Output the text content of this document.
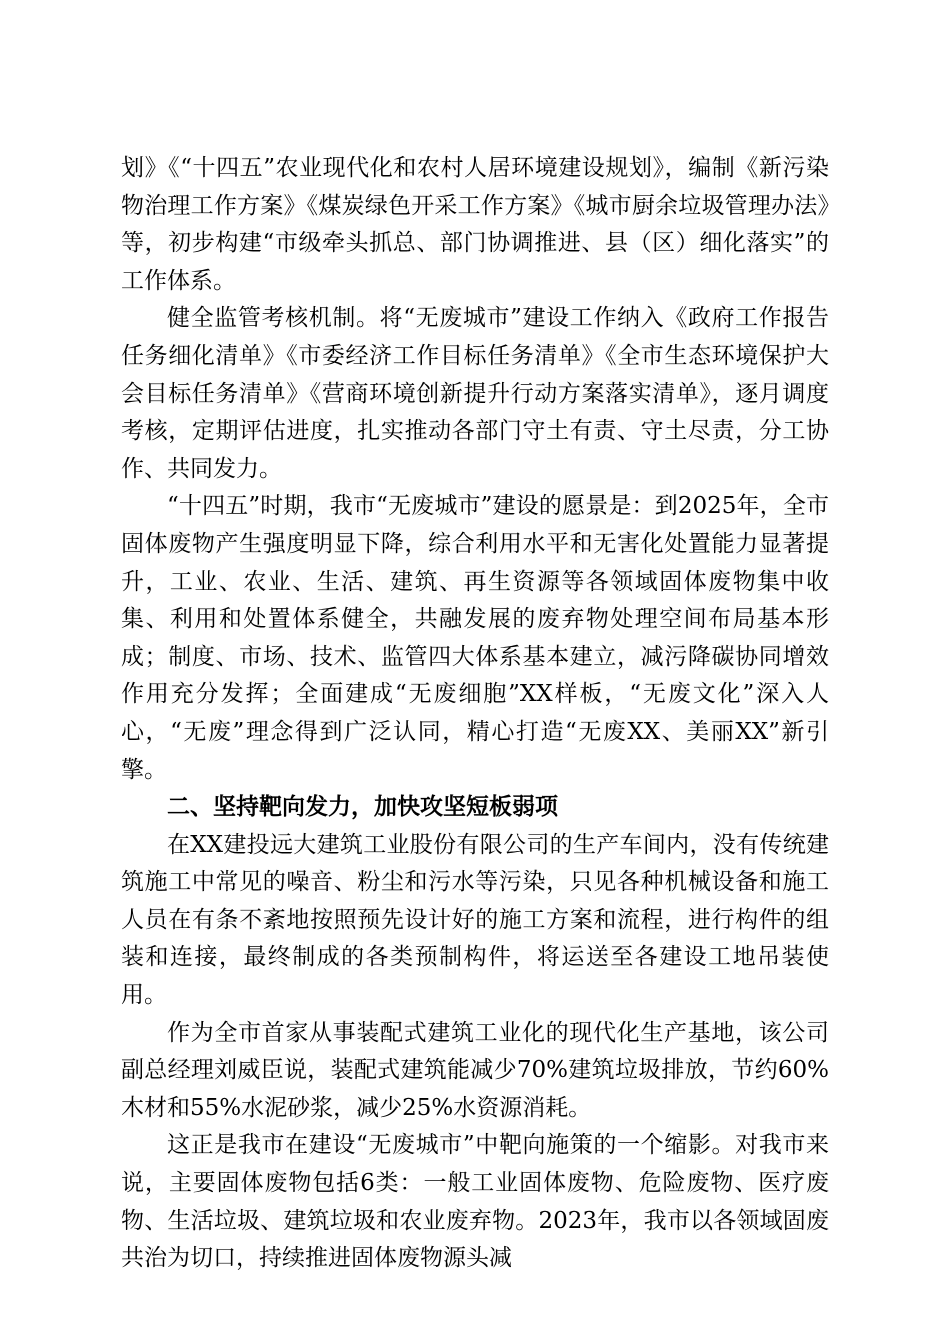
划》《“十四五”农业现代化和农村人居环境建设规划》，编制《新污染物治理工作方案》《煤炭绿色开采工作方案》《城市厨余垃圾管理办法》等，初步构建“市级牵头抓总、部门协调推进、县（区）细化落实”的工作体系。

健全监管考核机制。将“无废城市”建设工作纳入《政府工作报告任务细化清单》《市委经济工作目标任务清单》《全市生态环境保护大会目标任务清单》《营商环境创新提升行动方案落实清单》，逐月调度考核，定期评估进度，扎实推动各部门守土有责、守土尽责，分工协作、共同发力。

“十四五”时期，我市“无废城市”建设的愿景是：到2025年，全市固体废物产生强度明显下降，综合利用水平和无害化处置能力显著提升，工业、农业、生活、建筑、再生资源等各领域固体废物集中收集、利用和处置体系健全，共融发展的废弃物处理空间布局基本形成；制度、市场、技术、监管四大体系基本建立，减污降碳协同增效作用充分发挥；全面建成“无废细胞”XX样板，“无废文化”深入人心，“无废”理念得到广泛认同，精心打造“无废XX、美丽XX”新引擎。

二、坚持靶向发力，加快攻坚短板弱项

在XX建投远大建筑工业股份有限公司的生产车间内，没有传统建筑施工中常见的噪音、粉尘和污水等污染，只见各种机械设备和施工人员在有条不紊地按照预先设计好的施工方案和流程，进行构件的组装和连接，最终制成的各类预制构件，将运送至各建设工地吊装使用。

作为全市首家从事装配式建筑工业化的现代化生产基地，该公司副总经理刘威臣说，装配式建筑能减少70%建筑垃圾排放，节约60%木材和55%水泥砂浆，减少25%水资源消耗。

这正是我市在建设“无废城市”中靶向施策的一个缩影。对我市来说，主要固体废物包括6类：一般工业固体废物、危险废物、医疗废物、生活垃圾、建筑垃圾和农业废弃物。2023年，我市以各领域固废共治为切口，持续推进固体废物源头减
